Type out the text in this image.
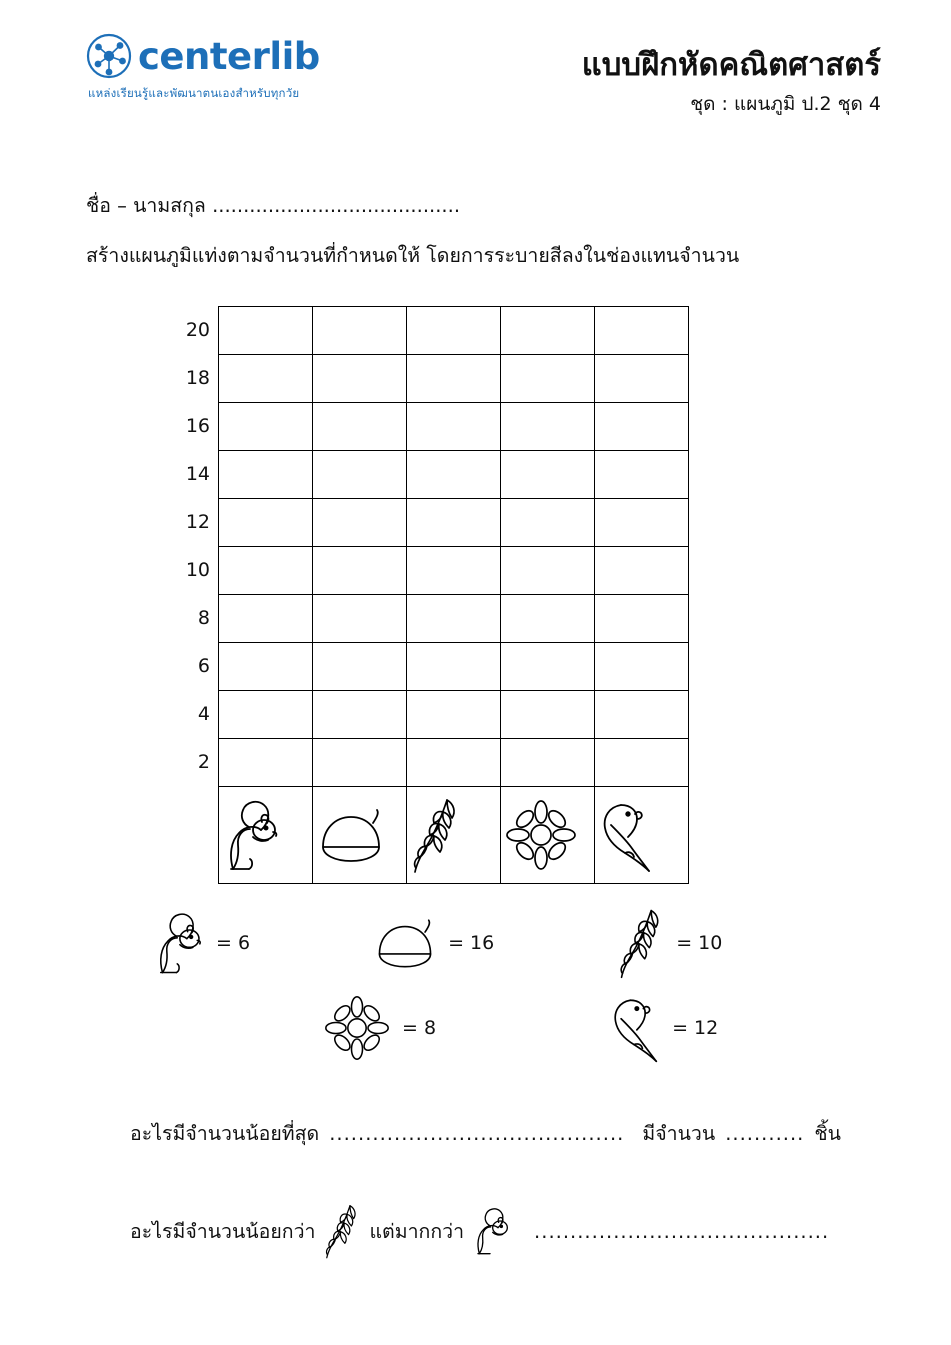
centerlib
แหล่งเรียนรู้และพัฒนาตนเองสำหรับทุกวัย
แบบฝึกหัดคณิตศาสตร์
ชุด : แผนภูมิ ป.2 ชุด 4
ชื่อ – นามสกุล ........................................
สร้างแผนภูมิแท่งตามจำนวนที่กำหนดให้ โดยการระบายสีลงในช่องแทนจำนวน
20
18
16
14
12
10
8
6
4
2

= 6	= 16	= 10
= 8	= 12
อะไรมีจำนวนน้อยที่สุด ......................................... มีจำนวน ........... ชิ้น
อะไรมีจำนวนน้อยกว่า	แต่มากกว่า	.........................................
